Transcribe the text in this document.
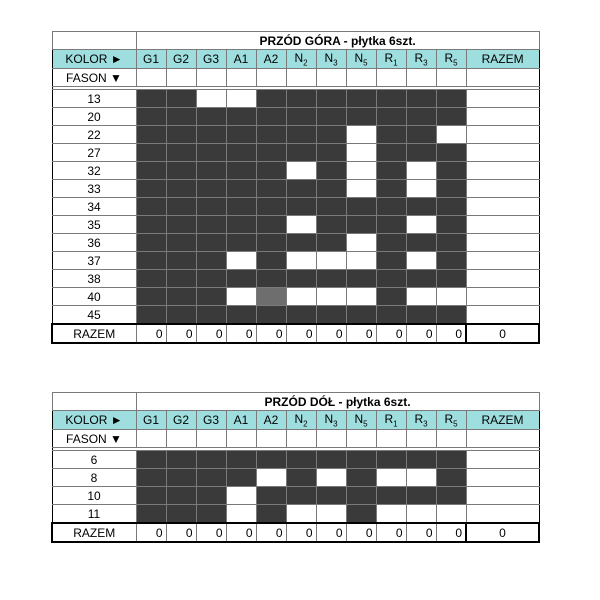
	PRZÓD GÓRA - płytka 6szt.											
KOLOR ►	G1	G2	G3	A1	A2	$N_2$	$N_3$	$N_5$	$R_1$	$R_3$	$R_5$	RAZEM
FASON ▼												

13												
20												
22												
27												
32												
33												
34												
35												
36												
37												
38												
40												
45												
RAZEM	0	0	0	0	0	0	0	0	0	0	0	0
	PRZÓD DÓŁ - płytka 6szt.											
KOLOR ►	G1	G2	G3	A1	A2	$N_2$	$N_3$	$N_5$	$R_1$	$R_3$	$R_5$	RAZEM
FASON ▼												

6												
8												
10												
11												
RAZEM	0	0	0	0	0	0	0	0	0	0	0	0
